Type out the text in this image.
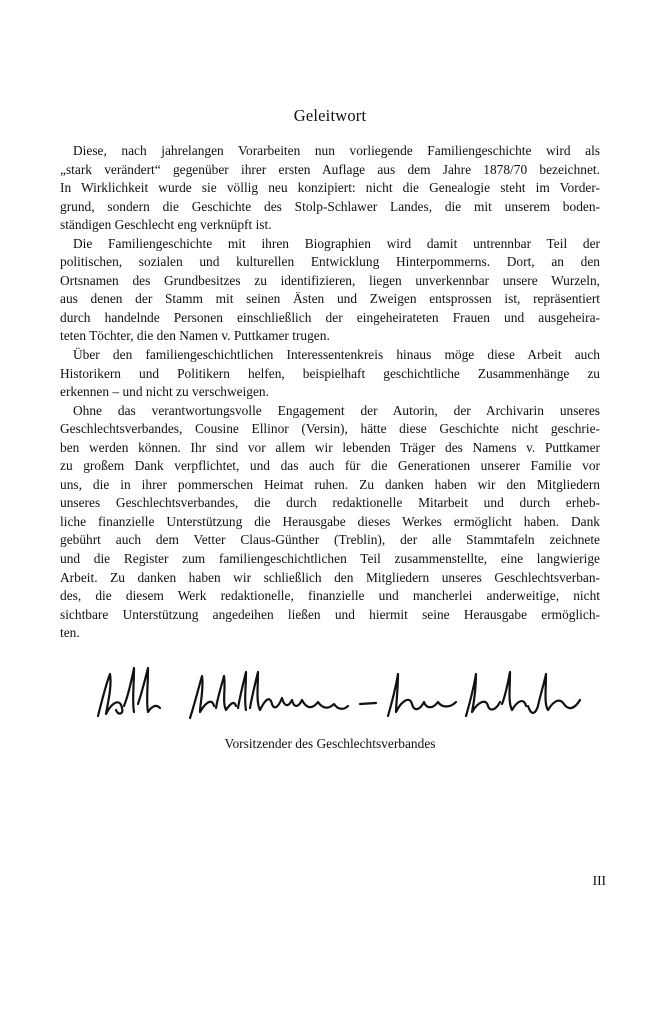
Geleitwort

Diese, nach jahrelangen Vorarbeiten nun vorliegende Familiengeschichte wird als
„stark verändert“ gegenüber ihrer ersten Auflage aus dem Jahre 1878/70 bezeichnet.
In Wirklichkeit wurde sie völlig neu konzipiert: nicht die Genealogie steht im Vorder-
grund, sondern die Geschichte des Stolp-Schlawer Landes, die mit unserem boden-
ständigen Geschlecht eng verknüpft ist.

Die Familiengeschichte mit ihren Biographien wird damit untrennbar Teil der
politischen, sozialen und kulturellen Entwicklung Hinterpommerns. Dort, an den
Ortsnamen des Grundbesitzes zu identifizieren, liegen unverkennbar unsere Wurzeln,
aus denen der Stamm mit seinen Ästen und Zweigen entsprossen ist, repräsentiert
durch handelnde Personen einschließlich der eingeheirateten Frauen und ausgeheira-
teten Töchter, die den Namen v. Puttkamer trugen.

Über den familiengeschichtlichen Interessentenkreis hinaus möge diese Arbeit auch
Historikern und Politikern helfen, beispielhaft geschichtliche Zusammenhänge zu
erkennen – und nicht zu verschweigen.

Ohne das verantwortungsvolle Engagement der Autorin, der Archivarin unseres
Geschlechtsverbandes, Cousine Ellinor (Versin), hätte diese Geschichte nicht geschrie-
ben werden können. Ihr sind vor allem wir lebenden Träger des Namens v. Puttkamer
zu großem Dank verpflichtet, und das auch für die Generationen unserer Familie vor
uns, die in ihrer pommerschen Heimat ruhen. Zu danken haben wir den Mitgliedern
unseres Geschlechtsverbandes, die durch redaktionelle Mitarbeit und durch erheb-
liche finanzielle Unterstützung die Herausgabe dieses Werkes ermöglicht haben. Dank
gebührt auch dem Vetter Claus-Günther (Treblin), der alle Stammtafeln zeichnete
und die Register zum familiengeschichtlichen Teil zusammenstellte, eine langwierige
Arbeit. Zu danken haben wir schließlich den Mitgliedern unseres Geschlechtsverban-
des, die diesem Werk redaktionelle, finanzielle und mancherlei anderweitige, nicht
sichtbare Unterstützung angedeihen ließen und hiermit seine Herausgabe ermöglich-
ten.

Vorsitzender des Geschlechtsverbandes
III
